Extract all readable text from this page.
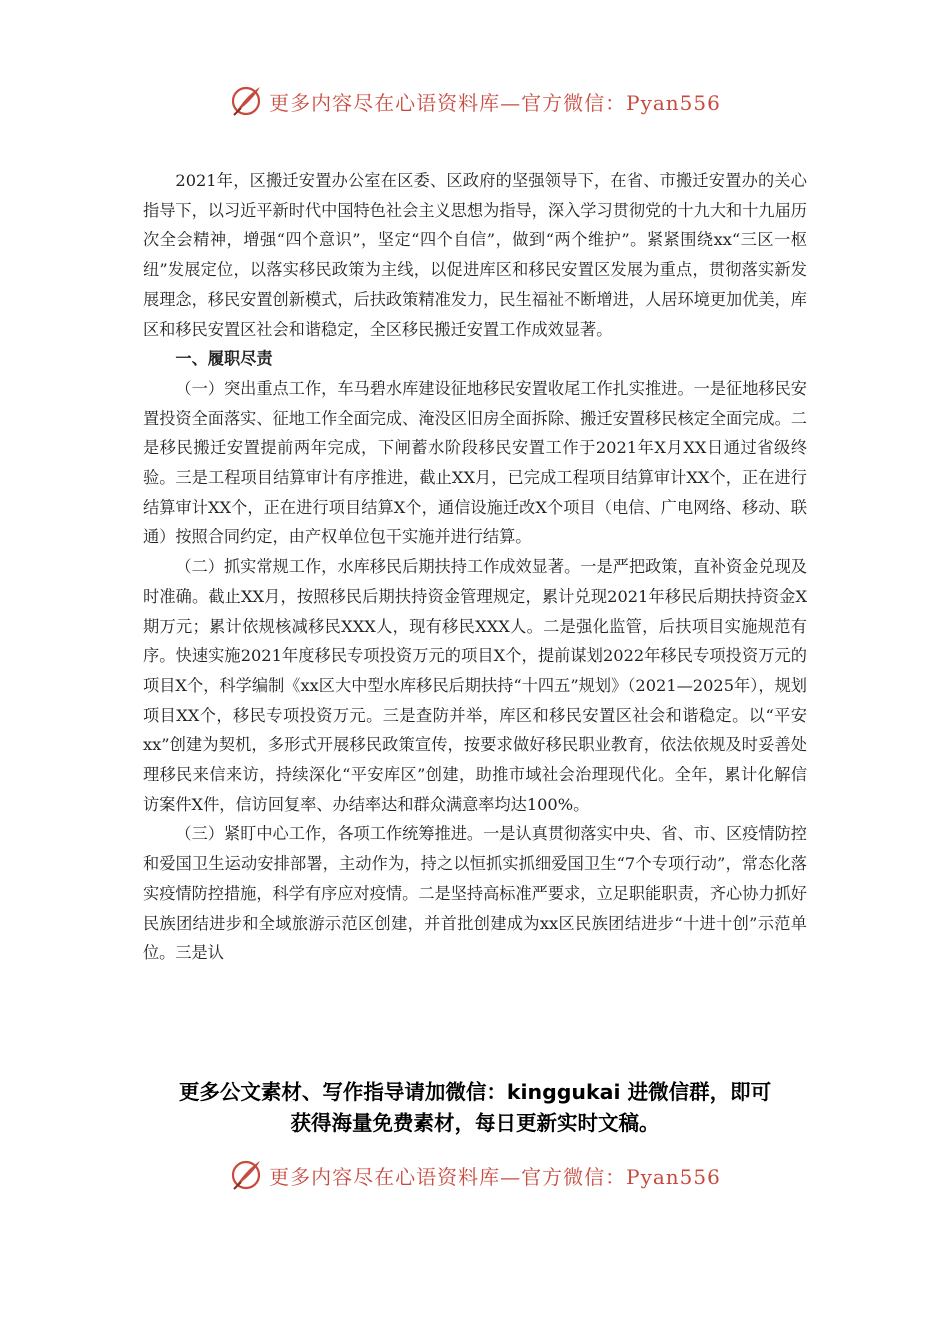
更多内容尽在心语资料库—官方微信：Pyan556

2021年，区搬迁安置办公室在区委、区政府的坚强领导下，在省、市搬迁安置办的关心指导下，以习近平新时代中国特色社会主义思想为指导，深入学习贯彻党的十九大和十九届历次全会精神，增强“四个意识”，坚定“四个自信”，做到“两个维护”。紧紧围绕xx“三区一枢纽”发展定位，以落实移民政策为主线，以促进库区和移民安置区发展为重点，贯彻落实新发展理念，移民安置创新模式，后扶政策精准发力，民生福祉不断增进，人居环境更加优美，库区和移民安置区社会和谐稳定，全区移民搬迁安置工作成效显著。

一、履职尽责

（一）突出重点工作，车马碧水库建设征地移民安置收尾工作扎实推进。一是征地移民安置投资全面落实、征地工作全面完成、淹没区旧房全面拆除、搬迁安置移民核定全面完成。二是移民搬迁安置提前两年完成，下闸蓄水阶段移民安置工作于2021年X月XX日通过省级终验。三是工程项目结算审计有序推进，截止XX月，已完成工程项目结算审计XX个，正在进行结算审计XX个，正在进行项目结算X个，通信设施迁改X个项目（电信、广电网络、移动、联通）按照合同约定，由产权单位包干实施并进行结算。

（二）抓实常规工作，水库移民后期扶持工作成效显著。一是严把政策，直补资金兑现及时准确。截止XX月，按照移民后期扶持资金管理规定，累计兑现2021年移民后期扶持资金X期万元；累计依规核减移民XXX人，现有移民XXX人。二是强化监管，后扶项目实施规范有序。快速实施2021年度移民专项投资万元的项目X个，提前谋划2022年移民专项投资万元的项目X个，科学编制《xx区大中型水库移民后期扶持“十四五”规划》（2021—2025年），规划项目XX个，移民专项投资万元。三是查防并举，库区和移民安置区社会和谐稳定。以“平安xx”创建为契机，多形式开展移民政策宣传，按要求做好移民职业教育，依法依规及时妥善处理移民来信来访，持续深化“平安库区”创建，助推市域社会治理现代化。全年，累计化解信访案件X件，信访回复率、办结率达和群众满意率均达100%。

（三）紧盯中心工作，各项工作统筹推进。一是认真贯彻落实中央、省、市、区疫情防控和爱国卫生运动安排部署，主动作为，持之以恒抓实抓细爱国卫生“7个专项行动”，常态化落实疫情防控措施，科学有序应对疫情。二是坚持高标准严要求，立足职能职责，齐心协力抓好民族团结进步和全域旅游示范区创建，并首批创建成为xx区民族团结进步“十进十创”示范单位。三是认

更多公文素材、写作指导请加微信：kinggukai 进微信群，即可
获得海量免费素材，每日更新实时文稿。
更多内容尽在心语资料库—官方微信：Pyan556
